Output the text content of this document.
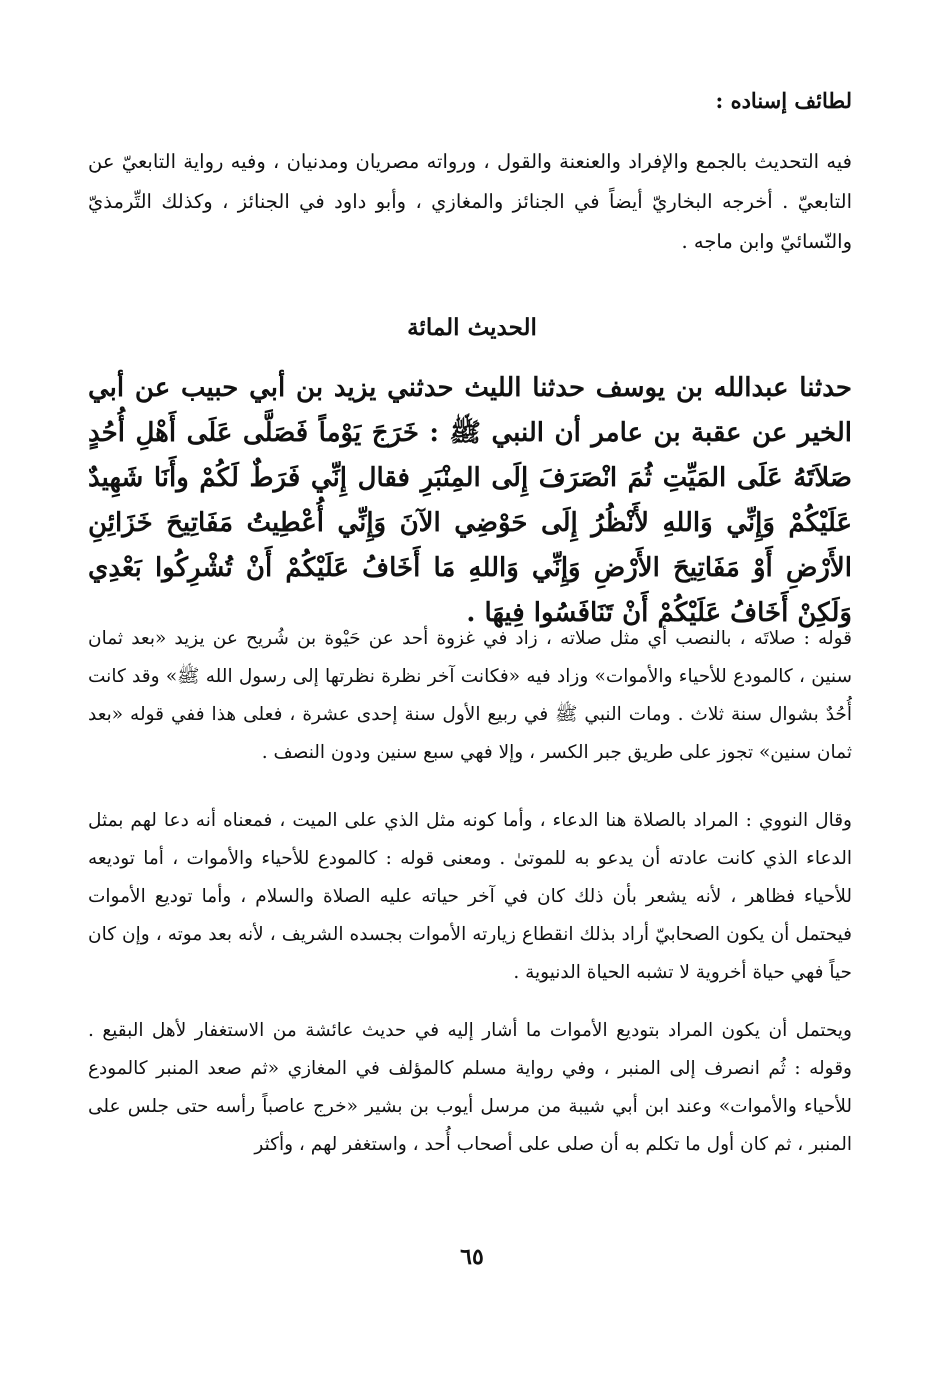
لطائف إسناده :

فيه التحديث بالجمع والإفراد والعنعنة والقول ، ورواته مصريان ومدنيان ، وفيه رواية التابعيّ عن التابعيّ . أخرجه البخاريّ أيضاً في الجنائز والمغازي ، وأبو داود في الجنائز ، وكذلك التِّرمذيّ والنّسائيّ وابن ماجه .

الحديث المائة

حدثنا عبدالله بن يوسف حدثنا الليث حدثني يزيد بن أبي حبيب عن أبي الخير عن عقبة بن عامر أن النبي ﷺ : خَرَجَ يَوْماً فَصَلَّى عَلَى أَهْلِ أُحُدٍ صَلاَتَهُ عَلَى المَيِّتِ ثُمَ انْصَرَفَ إِلَى المِنْبَرِ فقال إِنِّي فَرَطٌ لَكُمْ وأَنَا شَهِيدٌ عَلَيْكُمْ وَإِنِّي وَاللهِ لأَنْظُرُ إِلَى حَوْضِي الآنَ وَإِنِّي أُعْطِيتُ مَفَاتِيحَ خَزَائِنِ الأَرْضِ أَوْ مَفَاتِيحَ الأَرْضِ وَإِنِّي وَاللهِ مَا أَخَافُ عَلَيْكُمْ أَنْ تُشْرِكُوا بَعْدِي وَلَكِنْ أَخَافُ عَلَيْكُمْ أَنْ تَنَافَسُوا فِيهَا .

قوله : صلاتَه ، بالنصب أي مثل صلاته ، زاد في غزوة أحد عن حَيْوة بن شُريح عن يزيد «بعد ثمان سنين ، كالمودع للأحياء والأموات» وزاد فيه «فكانت آخر نظرة نظرتها إلى رسول الله ﷺ» وقد كانت أُحُدٌ بشوال سنة ثلاث . ومات النبي ﷺ في ربيع الأول سنة إحدى عشرة ، فعلى هذا ففي قوله «بعد ثمان سنين» تجوز على طريق جبر الكسر ، وإلا فهي سبع سنين ودون النصف .

وقال النووي : المراد بالصلاة هنا الدعاء ، وأما كونه مثل الذي على الميت ، فمعناه أنه دعا لهم بمثل الدعاء الذي كانت عادته أن يدعو به للموتىٰ . ومعنى قوله : كالمودع للأحياء والأموات ، أما توديعه للأحياء فظاهر ، لأنه يشعر بأن ذلك كان في آخر حياته عليه الصلاة والسلام ، وأما توديع الأموات فيحتمل أن يكون الصحابيّ أراد بذلك انقطاع زيارته الأموات بجسده الشريف ، لأنه بعد موته ، وإن كان حياً فهي حياة أخروية لا تشبه الحياة الدنيوية .

ويحتمل أن يكون المراد بتوديع الأموات ما أشار إليه في حديث عائشة من الاستغفار لأهل البقيع . وقوله : ثُم انصرف إلى المنبر ، وفي رواية مسلم كالمؤلف في المغازي «ثم صعد المنبر كالمودع للأحياء والأموات» وعند ابن أبي شيبة من مرسل أيوب بن بشير «خرج عاصباً رأسه حتى جلس على المنبر ، ثم كان أول ما تكلم به أن صلى على أصحاب أُحد ، واستغفر لهم ، وأكثر

٦٥
